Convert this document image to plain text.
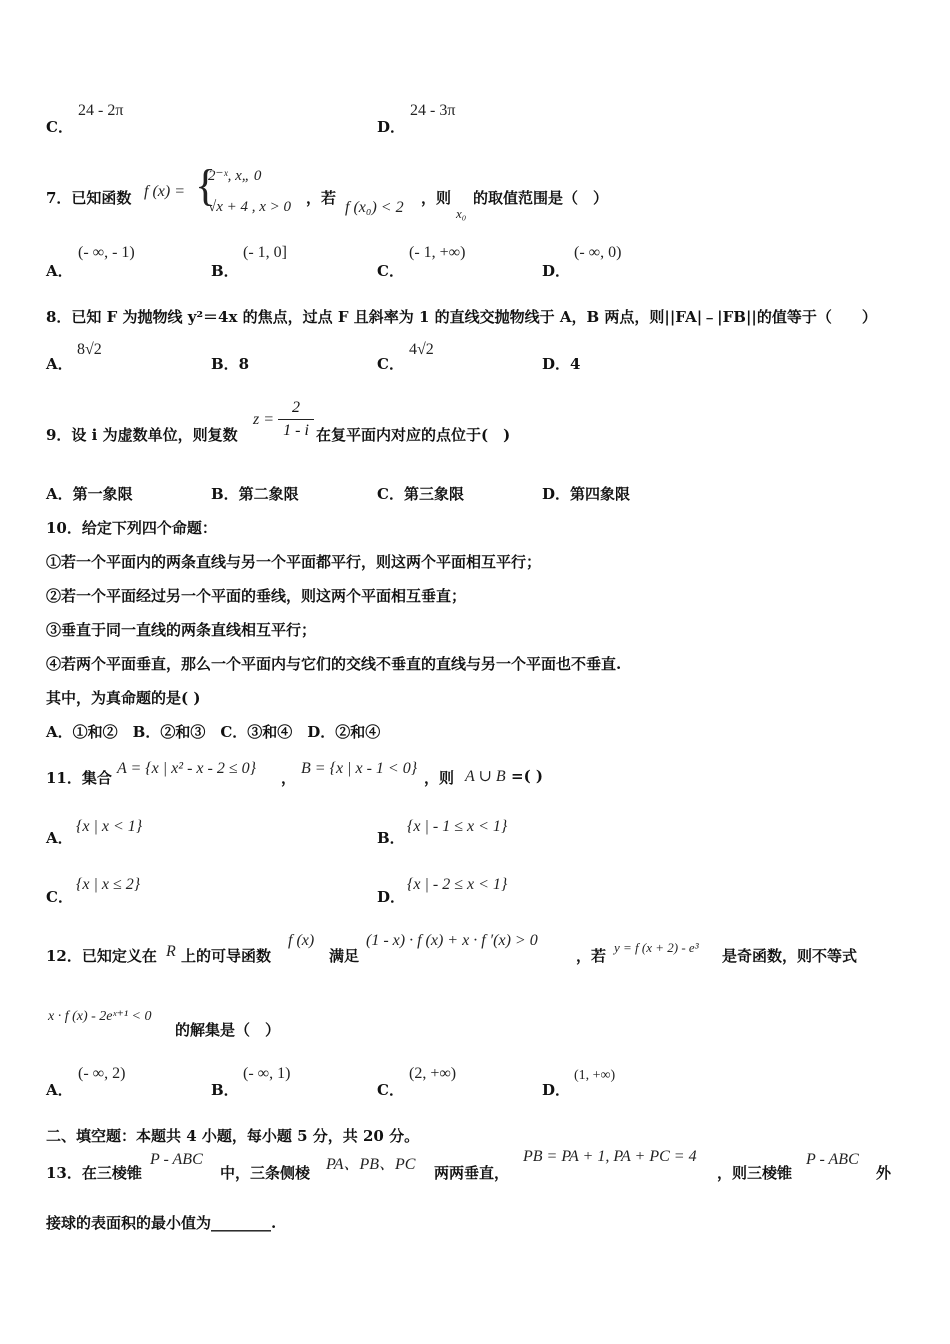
C．
24 - 2π
D．
24 - 3π
7．已知函数 f (x) = {
2⁻ˣ, x„ 0
√x + 4 , x > 0 ，若
f (x₀) < 2
，则
x₀
的取值范围是（　）
A．
(- ∞, - 1)
B．
(- 1, 0]
C．
(- 1, +∞)
D．
(- ∞, 0)
8．已知 F 为抛物线 y²＝4x 的焦点，过点 F 且斜率为 1 的直线交抛物线于 A，B 两点，则||FA|﹣|FB||的值等于（　　）
A．
8√2
B．8	C．
4√2
D．4
9．设 i 为虚数单位，则复数
z =
2
1 - i 在复平面内对应的点位于(　)
A．第一象限	B．第二象限	C．第三象限	D．第四象限
10．给定下列四个命题：
①若一个平面内的两条直线与另一个平面都平行，则这两个平面相互平行；
②若一个平面经过另一个平面的垂线，则这两个平面相互垂直；
③垂直于同一直线的两条直线相互平行；
④若两个平面垂直，那么一个平面内与它们的交线不垂直的直线与另一个平面也不垂直.
其中，为真命题的是( )
A．①和②　B．②和③　C．③和④　D．②和④
11．集合
A = {x | x² - x - 2 ≤ 0}
，
B = {x | x - 1 < 0}
，则 A ∪ B =( )
A．
{x | x < 1}
B．
{x | - 1 ≤ x < 1}
C．
{x | x ≤ 2}
D．
{x | - 2 ≤ x < 1}
12．已知定义在 R 上的可导函数
f (x)
满足
(1 - x) · f (x) + x · f ′(x) > 0
，若 y = f (x + 2) - e³ 是奇函数，则不等式
x · f (x) - 2eˣ⁺¹ < 0
的解集是（　）
A．
(- ∞, 2)
B．
(- ∞, 1)
C．
(2, +∞)
D．
(1, +∞)
二、填空题：本题共 4 小题，每小题 5 分，共 20 分。
13．在三棱锥
P - ABC
中，三条侧棱 PA、PB、PC 两两垂直，
PB = PA + 1, PA + PC = 4
，则三棱锥
P - ABC
外
接球的表面积的最小值为________.
